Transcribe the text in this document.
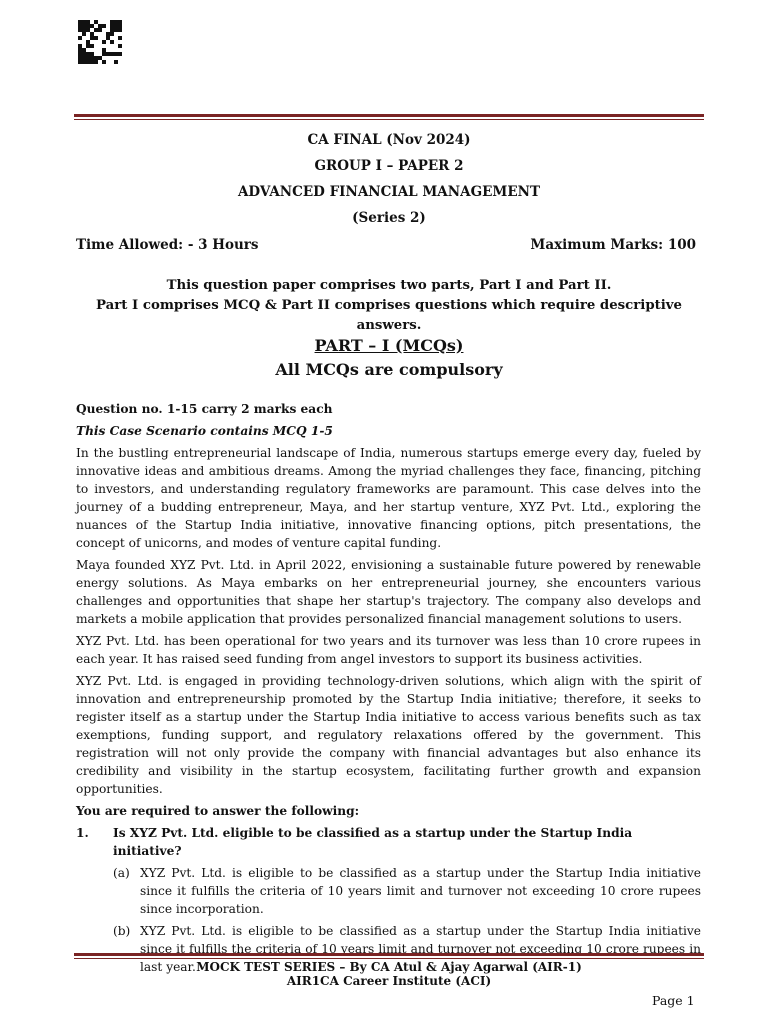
CA FINAL (Nov 2024)
GROUP I – PAPER 2
ADVANCED FINANCIAL MANAGEMENT
(Series 2)
Time Allowed: - 3 Hours	Maximum Marks: 100
This question paper comprises two parts, Part I and Part II.
Part I comprises MCQ & Part II comprises questions which require descriptive answers.
PART – I (MCQs)
All MCQs are compulsory

Question no. 1-15 carry 2 marks each

This Case Scenario contains MCQ 1-5

In the bustling entrepreneurial landscape of India, numerous startups emerge every day, fueled by innovative ideas and ambitious dreams. Among the myriad challenges they face, financing, pitching to investors, and understanding regulatory frameworks are paramount. This case delves into the journey of a budding entrepreneur, Maya, and her startup venture, XYZ Pvt. Ltd., exploring the nuances of the Startup India initiative, innovative financing options, pitch presentations, the concept of unicorns, and modes of venture capital funding.

Maya founded XYZ Pvt. Ltd. in April 2022, envisioning a sustainable future powered by renewable energy solutions. As Maya embarks on her entrepreneurial journey, she encounters various challenges and opportunities that shape her startup's trajectory. The company also develops and markets a mobile application that provides personalized financial management solutions to users.

XYZ Pvt. Ltd. has been operational for two years and its turnover was less than 10 crore rupees in each year. It has raised seed funding from angel investors to support its business activities.

XYZ Pvt. Ltd. is engaged in providing technology-driven solutions, which align with the spirit of innovation and entrepreneurship promoted by the Startup India initiative; therefore, it seeks to register itself as a startup under the Startup India initiative to access various benefits such as tax exemptions, funding support, and regulatory relaxations offered by the government. This registration will not only provide the company with financial advantages but also enhance its credibility and visibility in the startup ecosystem, facilitating further growth and expansion opportunities.

You are required to answer the following:

1.	Is XYZ Pvt. Ltd. eligible to be classified as a startup under the Startup India initiative?
(a) XYZ Pvt. Ltd. is eligible to be classified as a startup under the Startup India initiative since it fulfills the criteria of 10 years limit and turnover not exceeding 10 crore rupees since incorporation.
(b) XYZ Pvt. Ltd. is eligible to be classified as a startup under the Startup India initiative since it fulfills the criteria of 10 years limit and turnover not exceeding 10 crore rupees in last year. MOCK TEST SERIES – By CA Atul & Ajay Agarwal (AIR-1)
AIR1CA Career Institute (ACI)
Page 1
